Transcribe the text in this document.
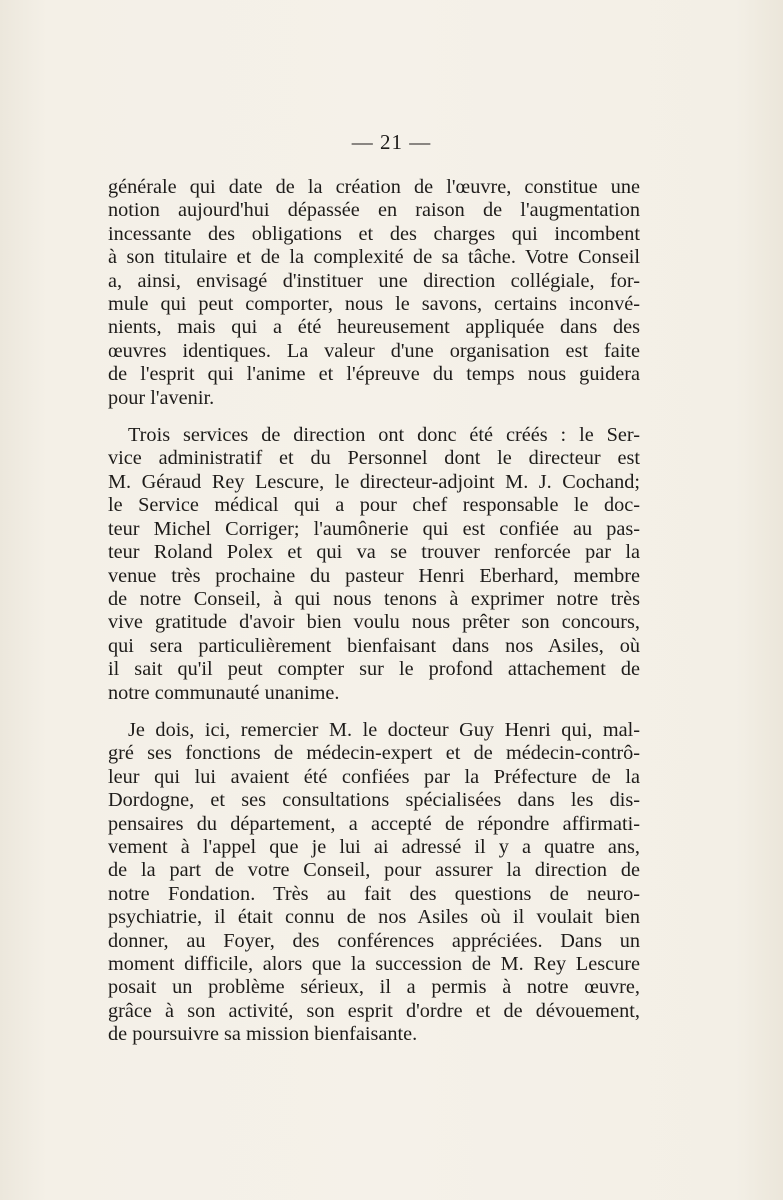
— 21 —
générale qui date de la création de l'œuvre, constitue une
notion aujourd'hui dépassée en raison de l'augmentation
incessante des obligations et des charges qui incombent
à son titulaire et de la complexité de sa tâche. Votre Conseil
a, ainsi, envisagé d'instituer une direction collégiale, for-
mule qui peut comporter, nous le savons, certains inconvé-
nients, mais qui a été heureusement appliquée dans des
œuvres identiques. La valeur d'une organisation est faite
de l'esprit qui l'anime et l'épreuve du temps nous guidera
pour l'avenir.
Trois services de direction ont donc été créés : le Ser-
vice administratif et du Personnel dont le directeur est
M. Géraud Rey Lescure, le directeur-adjoint M. J. Cochand;
le Service médical qui a pour chef responsable le doc-
teur Michel Corriger; l'aumônerie qui est confiée au pas-
teur Roland Polex et qui va se trouver renforcée par la
venue très prochaine du pasteur Henri Eberhard, membre
de notre Conseil, à qui nous tenons à exprimer notre très
vive gratitude d'avoir bien voulu nous prêter son concours,
qui sera particulièrement bienfaisant dans nos Asiles, où
il sait qu'il peut compter sur le profond attachement de
notre communauté unanime.
Je dois, ici, remercier M. le docteur Guy Henri qui, mal-
gré ses fonctions de médecin-expert et de médecin-contrô-
leur qui lui avaient été confiées par la Préfecture de la
Dordogne, et ses consultations spécialisées dans les dis-
pensaires du département, a accepté de répondre affirmati-
vement à l'appel que je lui ai adressé il y a quatre ans,
de la part de votre Conseil, pour assurer la direction de
notre Fondation. Très au fait des questions de neuro-
psychiatrie, il était connu de nos Asiles où il voulait bien
donner, au Foyer, des conférences appréciées. Dans un
moment difficile, alors que la succession de M. Rey Lescure
posait un problème sérieux, il a permis à notre œuvre,
grâce à son activité, son esprit d'ordre et de dévouement,
de poursuivre sa mission bienfaisante.
